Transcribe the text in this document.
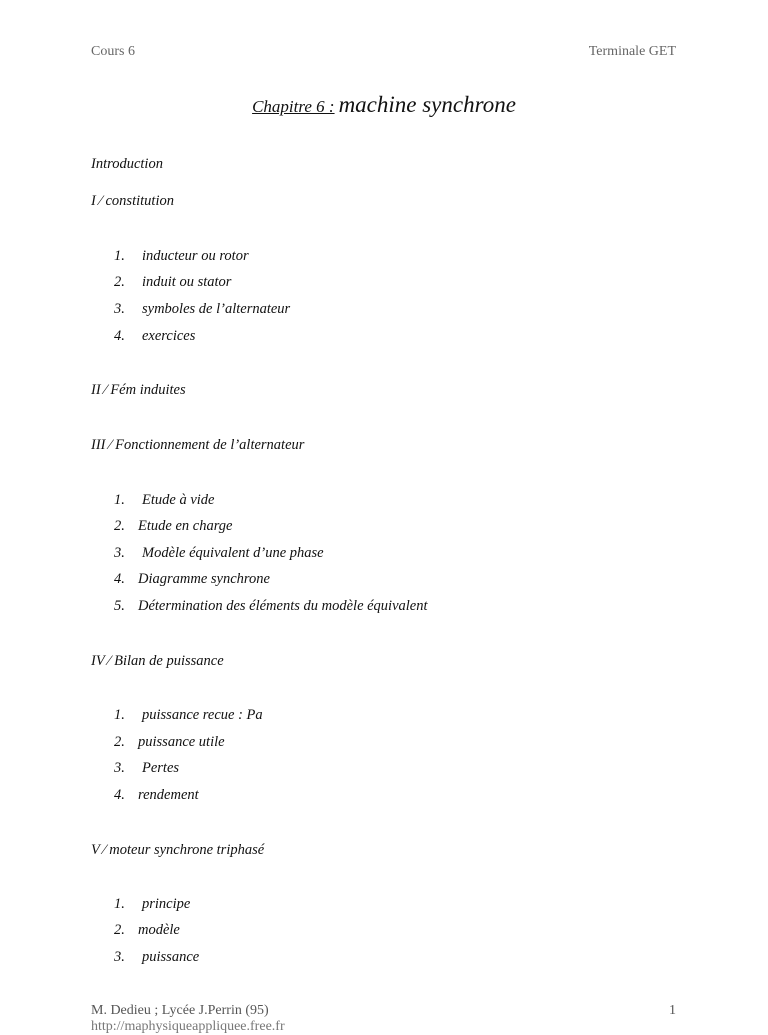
Cours 6	Terminale GET
Chapitre 6 : machine synchrone
Introduction
I ∕ constitution
1. inducteur ou rotor
2. induit ou stator
3. symboles de l’alternateur
4. exercices
II ∕ Fém induites
III ∕ Fonctionnement de l’alternateur
1. Etude à vide
2. Etude en charge
3. Modèle équivalent d’une phase
4. Diagramme synchrone
5. Détermination des éléments du modèle équivalent
IV ∕ Bilan de puissance
1. puissance recue : Pa
2. puissance utile
3. Pertes
4. rendement
V ∕ moteur synchrone triphasé
1. principe
2. modèle
3. puissance
M. Dedieu ; Lycée J.Perrin (95)	1
http://maphysiqueappliquee.free.fr
